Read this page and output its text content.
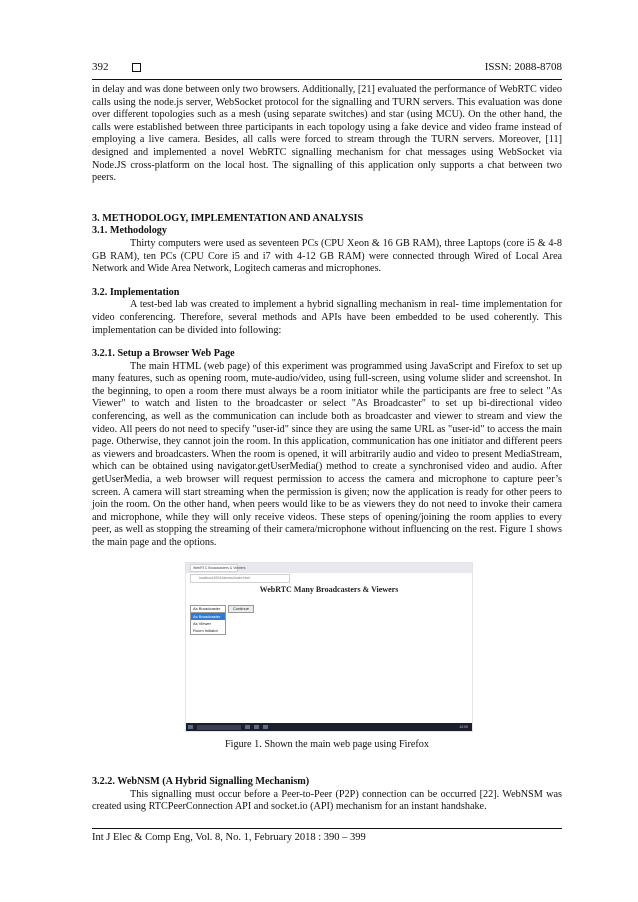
392	ISSN: 2088-8708

in delay and was done between only two browsers. Additionally, [21] evaluated the performance of WebRTC video calls using the node.js server, WebSocket protocol for the signalling and TURN servers. This evaluation was done over different topologies such as a mesh (using separate switches) and star (using MCU). On the other hand, the calls were established between three participants in each topology using a fake device and video frame instead of employing a live camera. Besides, all calls were forced to stream through the TURN servers. Moreover, [11] designed and implemented a novel WebRTC signalling mechanism for chat messages using WebSocket via Node.JS cross-platform on the local host. The signalling of this application only supports a chat between two peers.

3. METHODOLOGY, IMPLEMENTATION AND ANALYSIS
3.1. Methodology

Thirty computers were used as seventeen PCs (CPU Xeon & 16 GB RAM), three Laptops (core i5 & 4-8 GB RAM), ten PCs (CPU Core i5 and i7 with 4-12 GB RAM) were connected through Wired of Local Area Network and Wide Area Network, Logitech cameras and microphones.

3.2. Implementation

A test-bed lab was created to implement a hybrid signalling mechanism in real- time implementation for video conferencing. Therefore, several methods and APIs have been embedded to be used coherently. This implementation can be divided into following:

3.2.1. Setup a Browser Web Page

The main HTML (web page) of this experiment was programmed using JavaScript and Firefox to set up many features, such as opening room, mute-audio/video, using full-screen, using volume slider and screenshot. In the beginning, to open a room there must always be a room initiator while the participants are free to select "As Viewer" to watch and listen to the broadcaster or select "As Broadcaster" to set up bi-directional video conferencing, as well as the communication can include both as broadcaster and viewer to stream and view the video. All peers do not need to specify "user-id" since they are using the same URL as "user-id" to access the main page. Otherwise, they cannot join the room. In this application, communication has one initiator and different peers as viewers and broadcasters. When the room is opened, it will arbitrarily audio and video to present MediaStream, which can be obtained using navigator.getUserMedia() method to create a synchronised video and audio. After getUserMedia, a web browser will request permission to access the camera and microphone to capture peer’s screen. A camera will start streaming when the permission is given; now the application is ready for other peers to join the room. On the other hand, when peers would like to be as viewers they do not need to invoke their camera and microphone, while they will only receive videos. These steps of opening/joining the room applies to every peer, as well as stopping the streaming of their camera/microphone without influencing on the rest. Figure 1 shows the main page and the options.

WebRTC Broadcasters & Viewers
localhost:9001/demos/index.html
WebRTC Many Broadcasters & Viewers
As Broadcaster
As Broadcaster
As Viewer
Room Initiator
Continue
12:00
Figure 1. Shown the main web page using Firefox
3.2.2. WebNSM (A Hybrid Signalling Mechanism)

This signalling must occur before a Peer-to-Peer (P2P) connection can be occurred [22]. WebNSM was created using RTCPeerConnection API and socket.io (API) mechanism for an instant handshake.

Int J Elec & Comp Eng, Vol. 8, No. 1, February 2018 : 390 – 399
